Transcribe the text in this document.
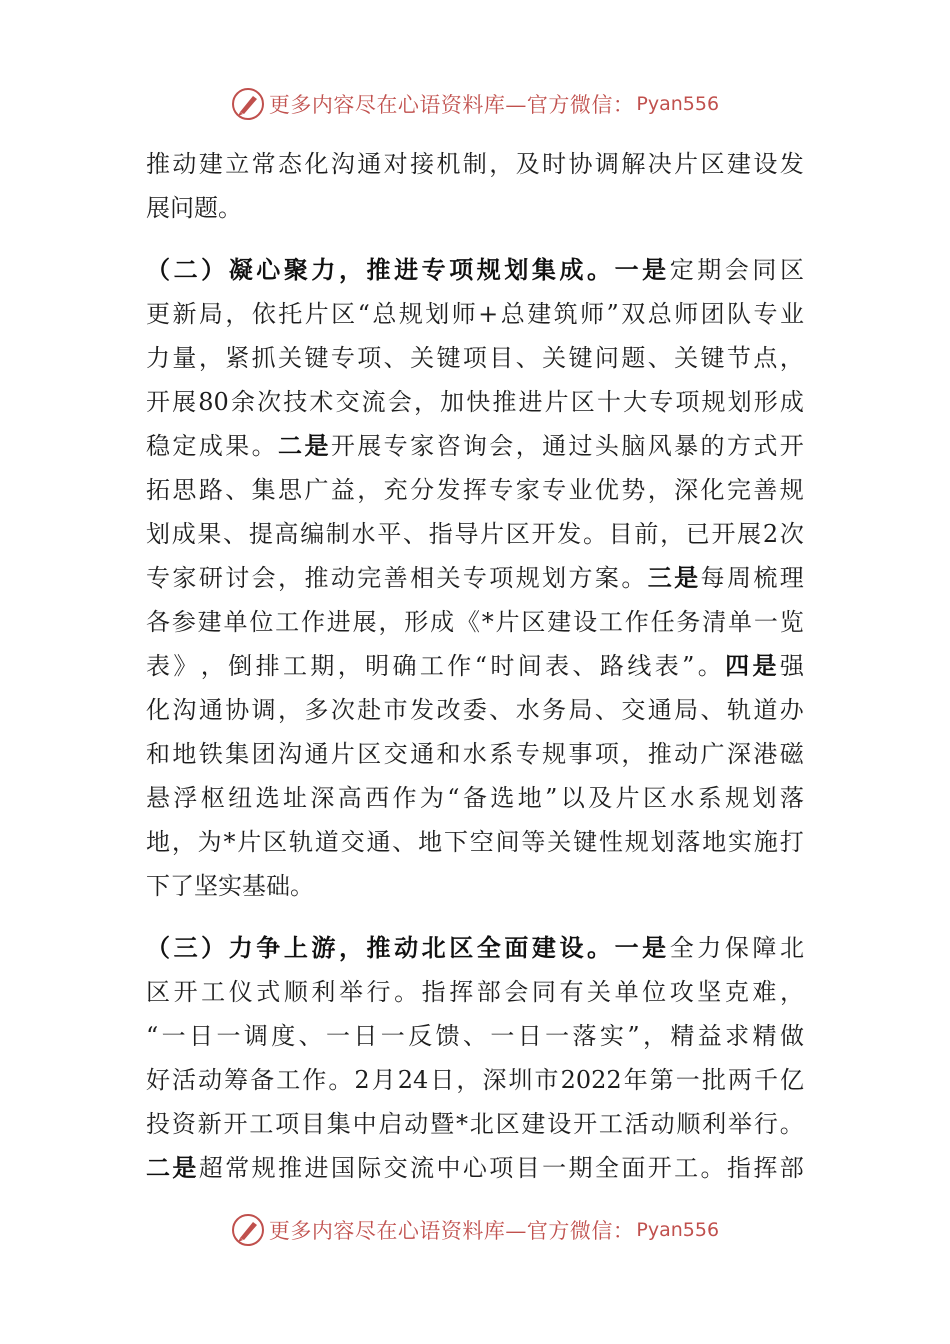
更多内容尽在心语资料库—官方微信： Pyan556
推 动 建 立 常 态 化 沟 通 对 接 机 制 ， 及 时 协 调 解 决 片 区 建 设 发
展 问 题 。
（ 二 ） 凝 心 聚 力 ， 推 进 专 项 规 划 集 成 。 一 是 定 期 会 同 区
更 新 局 ， 依 托 片 区 “ 总 规 划 师 + 总 建 筑 师 ” 双 总 师 团 队 专 业
力 量 ， 紧 抓 关 键 专 项 、 关 键 项 目 、 关 键 问 题 、 关 键 节 点 ，
开 展 80 余 次 技 术 交 流 会 ， 加 快 推 进 片 区 十 大 专 项 规 划 形 成
稳 定 成 果 。 二 是 开 展 专 家 咨 询 会 ， 通 过 头 脑 风 暴 的 方 式 开
拓 思 路 、 集 思 广 益 ， 充 分 发 挥 专 家 专 业 优 势 ， 深 化 完 善 规
划 成 果 、 提 高 编 制 水 平 、 指 导 片 区 开 发 。 目 前 ， 已 开 展 2 次
专 家 研 讨 会 ， 推 动 完 善 相 关 专 项 规 划 方 案 。 三 是 每 周 梳 理
各 参 建 单 位 工 作 进 展 ， 形 成 《 * 片 区 建 设 工 作 任 务 清 单 一 览
表 》 ， 倒 排 工 期 ， 明 确 工 作 “ 时 间 表 、 路 线 表 ” 。 四 是 强
化 沟 通 协 调 ， 多 次 赴 市 发 改 委 、 水 务 局 、 交 通 局 、 轨 道 办
和 地 铁 集 团 沟 通 片 区 交 通 和 水 系 专 规 事 项 ， 推 动 广 深 港 磁
悬 浮 枢 纽 选 址 深 高 西 作 为 “ 备 选 地 ” 以 及 片 区 水 系 规 划 落
地 ， 为 * 片 区 轨 道 交 通 、 地 下 空 间 等 关 键 性 规 划 落 地 实 施 打
下 了 坚 实 基 础 。
（ 三 ） 力 争 上 游 ， 推 动 北 区 全 面 建 设 。 一 是 全 力 保 障 北
区 开 工 仪 式 顺 利 举 行 。 指 挥 部 会 同 有 关 单 位 攻 坚 克 难 ，
“ 一 日 一 调 度 、 一 日 一 反 馈 、 一 日 一 落 实 ” ， 精 益 求 精 做
好 活 动 筹 备 工 作 。 2 月 24 日 ， 深 圳 市 2022 年 第 一 批 两 千 亿
投 资 新 开 工 项 目 集 中 启 动 暨 * 北 区 建 设 开 工 活 动 顺 利 举 行 。
二 是 超 常 规 推 进 国 际 交 流 中 心 项 目 一 期 全 面 开 工 。 指 挥 部
更多内容尽在心语资料库—官方微信： Pyan556
